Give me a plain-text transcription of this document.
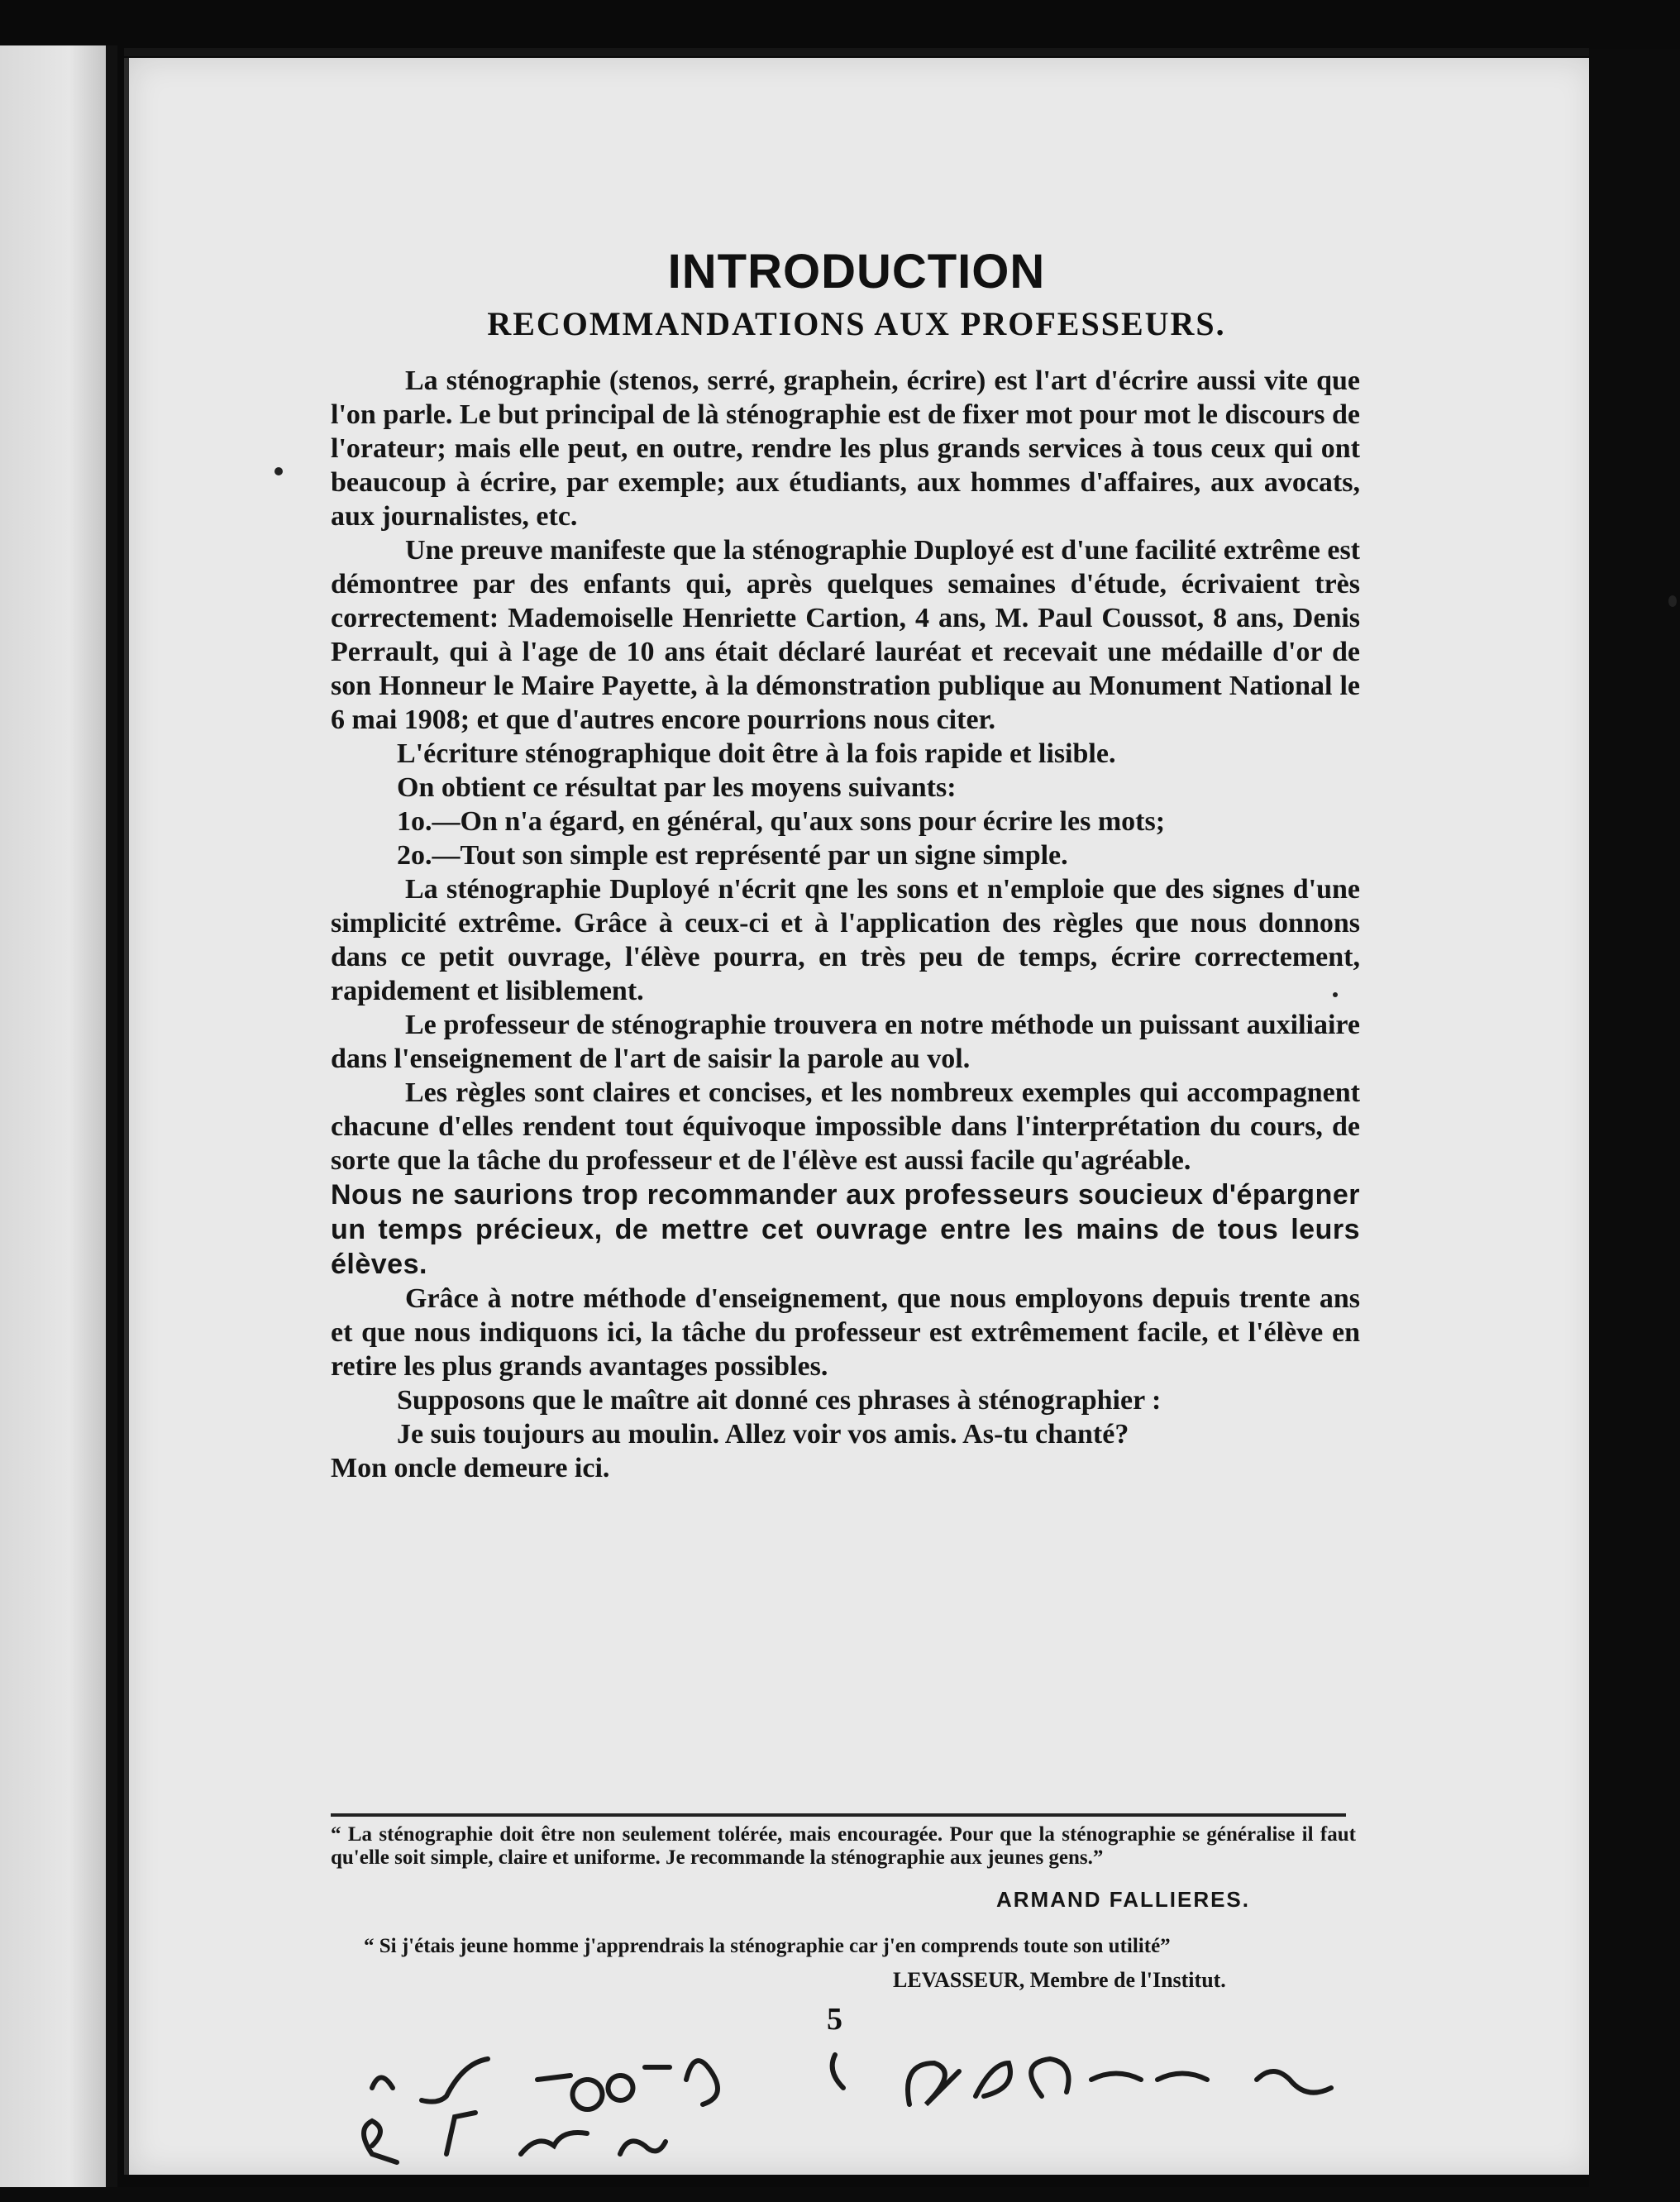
INTRODUCTION
RECOMMANDATIONS AUX PROFESSEURS.

La sténographie (stenos, serré, graphein, écrire) est l'art d'écrire aussi vite que l'on parle. Le but principal de là sténographie est de fixer mot pour mot le discours de l'orateur; mais elle peut, en outre, rendre les plus grands services à tous ceux qui ont beaucoup à écrire, par exemple; aux étudiants, aux hommes d'affaires, aux avocats, aux journalistes, etc.

Une preuve manifeste que la sténographie Duployé est d'une facilité extrême est démontree par des enfants qui, après quelques semaines d'étude, écrivaient très correctement: Mademoiselle Henriette Cartion, 4 ans, M. Paul Coussot, 8 ans, Denis Perrault, qui à l'age de 10 ans était déclaré lauréat et recevait une médaille d'or de son Honneur le Maire Payette, à la démonstration publique au Monument National le 6 mai 1908; et que d'autres encore pourrions nous citer.

L'écriture sténographique doit être à la fois rapide et lisible.

On obtient ce résultat par les moyens suivants:

1o.—On n'a égard, en général, qu'aux sons pour écrire les mots;

2o.—Tout son simple est représenté par un signe simple.

La sténographie Duployé n'écrit qne les sons et n'emploie que des signes d'une simplicité extrême. Grâce à ceux-ci et à l'application des règles que nous donnons dans ce petit ouvrage, l'élève pourra, en très peu de temps, écrire correctement, rapidement et lisiblement.

Le professeur de sténographie trouvera en notre méthode un puissant auxiliaire dans l'enseignement de l'art de saisir la parole au vol.

Les règles sont claires et concises, et les nombreux exemples qui accompagnent chacune d'elles rendent tout équivoque impossible dans l'interprétation du cours, de sorte que la tâche du professeur et de l'élève est aussi facile qu'agréable.

Nous ne saurions trop recommander aux professeurs soucieux d'épargner un temps précieux, de mettre cet ouvrage entre les mains de tous leurs élèves.

Grâce à notre méthode d'enseignement, que nous employons depuis trente ans et que nous indiquons ici, la tâche du professeur est extrêmement facile, et l'élève en retire les plus grands avantages possibles.

Supposons que le maître ait donné ces phrases à sténographier :

Je suis toujours au moulin. Allez voir vos amis. As-tu chanté?

Mon oncle demeure ici.

“ La sténographie doit être non seulement tolérée, mais encouragée. Pour que la sténographie se généralise il faut qu'elle soit simple, claire et uniforme. Je recommande la sténographie aux jeunes gens.”
ARMAND FALLIERES.
“ Si j'étais jeune homme j'apprendrais la sténographie car j'en comprends toute son utilité”
LEVASSEUR, Membre de l'Institut.
5
